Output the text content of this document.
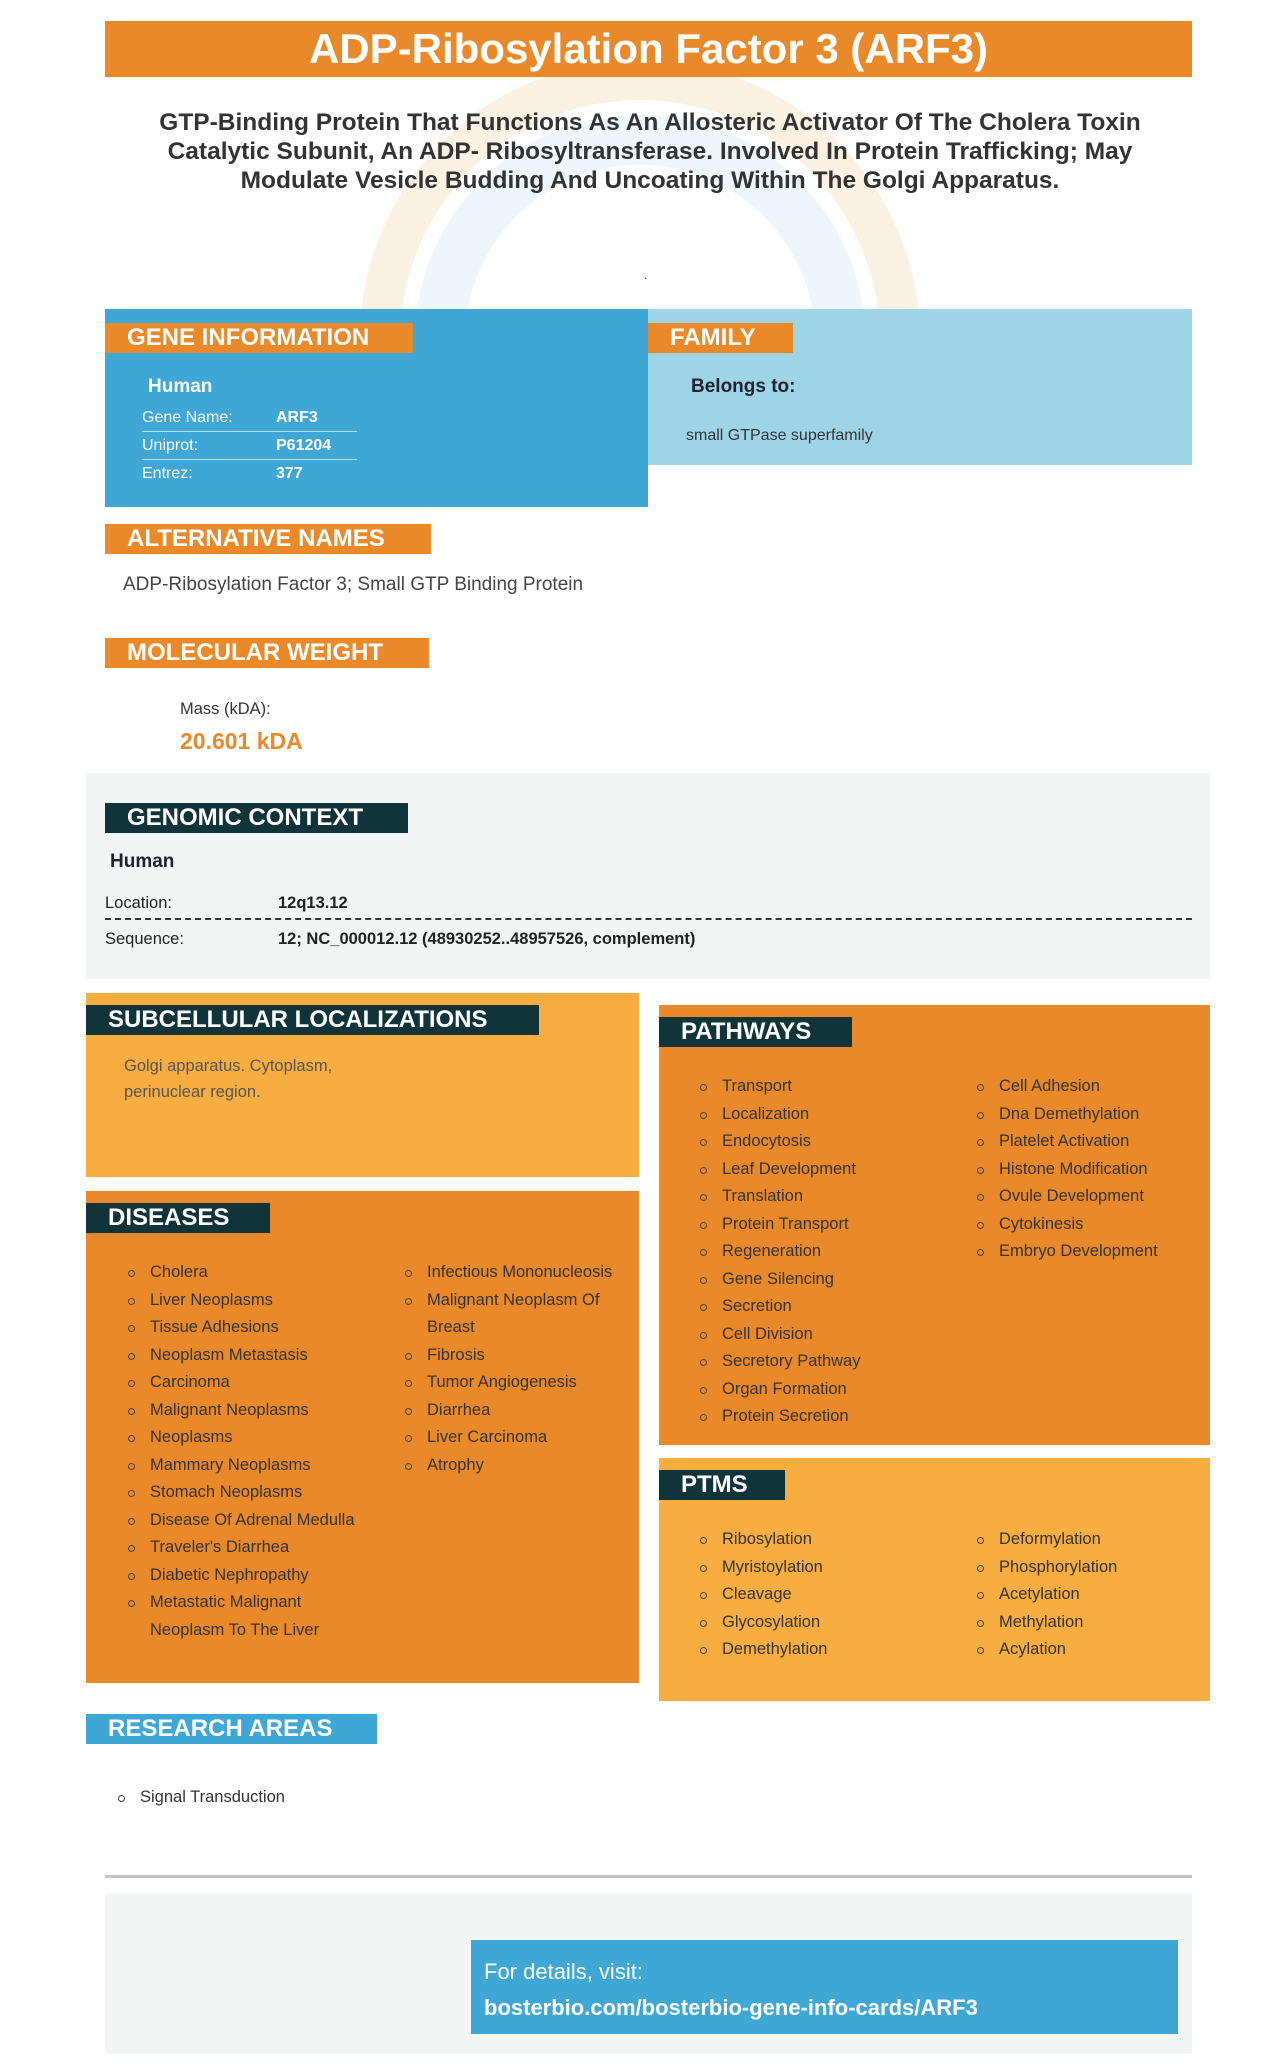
ADP-Ribosylation Factor 3 (ARF3)
GTP-Binding Protein That Functions As An Allosteric Activator Of The Cholera Toxin Catalytic Subunit, An ADP- Ribosyltransferase. Involved In Protein Trafficking; May Modulate Vesicle Budding And Uncoating Within The Golgi Apparatus.
.
GENE INFORMATION
Human
Gene Name:	ARF3
Uniprot:	P61204
Entrez:	377
FAMILY
Belongs to:
small GTPase superfamily
ALTERNATIVE NAMES
ADP-Ribosylation Factor 3; Small GTP Binding Protein
MOLECULAR WEIGHT
Mass (kDA):
20.601 kDA
GENOMIC CONTEXT
Human
Location:	12q13.12
Sequence:	12; NC_000012.12 (48930252..48957526, complement)
SUBCELLULAR LOCALIZATIONS
Golgi apparatus. Cytoplasm, perinuclear region.
DISEASES
Cholera
Liver Neoplasms
Tissue Adhesions
Neoplasm Metastasis
Carcinoma
Malignant Neoplasms
Neoplasms
Mammary Neoplasms
Stomach Neoplasms
Disease Of Adrenal Medulla
Traveler's Diarrhea
Diabetic Nephropathy
Metastatic Malignant Neoplasm To The Liver
Infectious Mononucleosis
Malignant Neoplasm Of Breast
Fibrosis
Tumor Angiogenesis
Diarrhea
Liver Carcinoma
Atrophy
PATHWAYS
Transport
Localization
Endocytosis
Leaf Development
Translation
Protein Transport
Regeneration
Gene Silencing
Secretion
Cell Division
Secretory Pathway
Organ Formation
Protein Secretion
Cell Adhesion
Dna Demethylation
Platelet Activation
Histone Modification
Ovule Development
Cytokinesis
Embryo Development
PTMS
Ribosylation
Myristoylation
Cleavage
Glycosylation
Demethylation
Deformylation
Phosphorylation
Acetylation
Methylation
Acylation
RESEARCH AREAS
Signal Transduction
For details, visit:
bosterbio.com/bosterbio-gene-info-cards/ARF3
